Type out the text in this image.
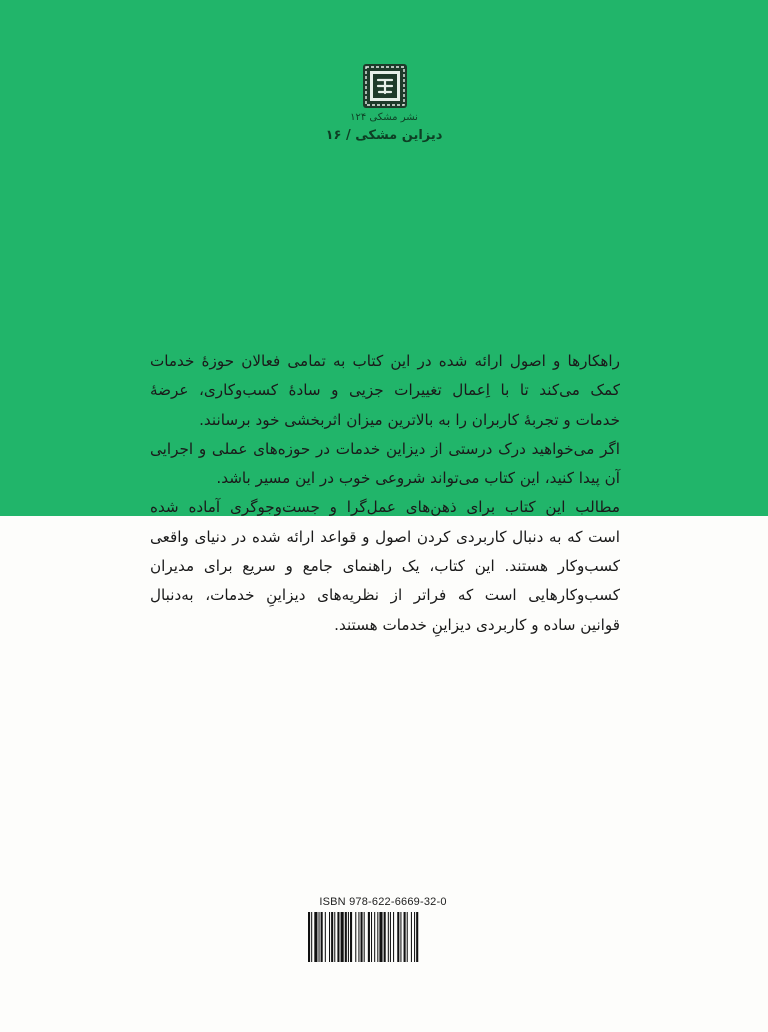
نشر مشکی ۱۲۴
دیزاین مشکی / ۱۶

راهکارها و اصول ارائه شده در این کتاب به تمامی فعالان حوزۀ خدمات

کمک می‌کند تا با اِعمال تغییرات جزیی و سادۀ کسب‌وکاری، عرضۀ

خدمات و تجربۀ کاربران را به بالاترین میزان اثربخشی خود برسانند.

اگر می‌خواهید درک درستی از دیزاین خدمات در حوزه‌های عملی و اجرایی

آن پیدا کنید، این کتاب می‌تواند شروعی خوب در این مسیر باشد.

مطالب این کتاب برای ذهن‌های عمل‌گرا و جست‌وجوگری آماده شده

است که به دنبال کاربردی کردن اصول و قواعد ارائه شده در دنیای واقعی

کسب‌وکار هستند. این کتاب، یک راهنمای جامع و سریع برای مدیران

کسب‌وکارهایی است که فراتر از نظریه‌های دیزاینِ خدمات، به‌دنبال

قوانین ساده و کاربردی دیزاینِ خدمات هستند.

ISBN 978-622-6669-32-0
